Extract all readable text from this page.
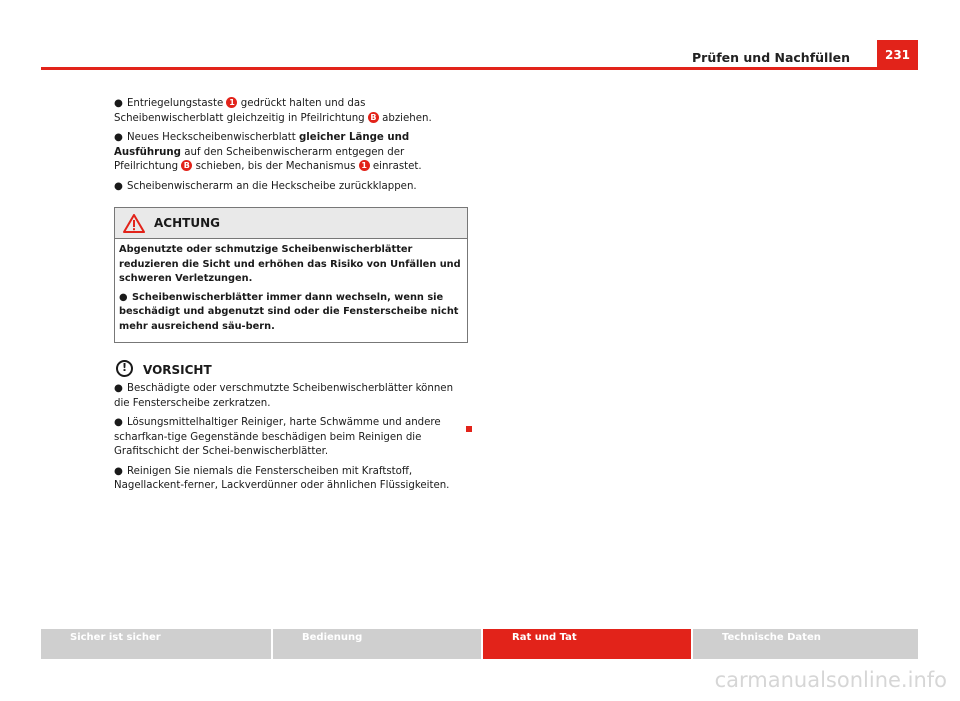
Prüfen und Nachfüllen	231

● Entriegelungstaste 1 gedrückt halten und das Scheibenwischerblatt gleichzeitig in Pfeilrichtung B abziehen.

● Neues Heckscheibenwischerblatt gleicher Länge und Ausführung auf den Scheibenwischerarm entgegen der Pfeilrichtung B schieben, bis der Mechanismus 1 einrastet.

● Scheibenwischerarm an die Heckscheibe zurückklappen.

ACHTUNG

Abgenutzte oder schmutzige Scheibenwischerblätter reduzieren die Sicht und erhöhen das Risiko von Unfällen und schweren Verletzungen.

● Scheibenwischerblätter immer dann wechseln, wenn sie beschädigt und abgenutzt sind oder die Fensterscheibe nicht mehr ausreichend säu-bern.

!	VORSICHT

● Beschädigte oder verschmutzte Scheibenwischerblätter können die Fensterscheibe zerkratzen.

● Lösungsmittelhaltiger Reiniger, harte Schwämme und andere scharfkan-tige Gegenstände beschädigen beim Reinigen die Grafitschicht der Schei-benwischerblätter.

● Reinigen Sie niemals die Fensterscheiben mit Kraftstoff, Nagellackent-ferner, Lackverdünner oder ähnlichen Flüssigkeiten.

Sicher ist sicher	Bedienung	Rat und Tat	Technische Daten
carmanualsonline.info
